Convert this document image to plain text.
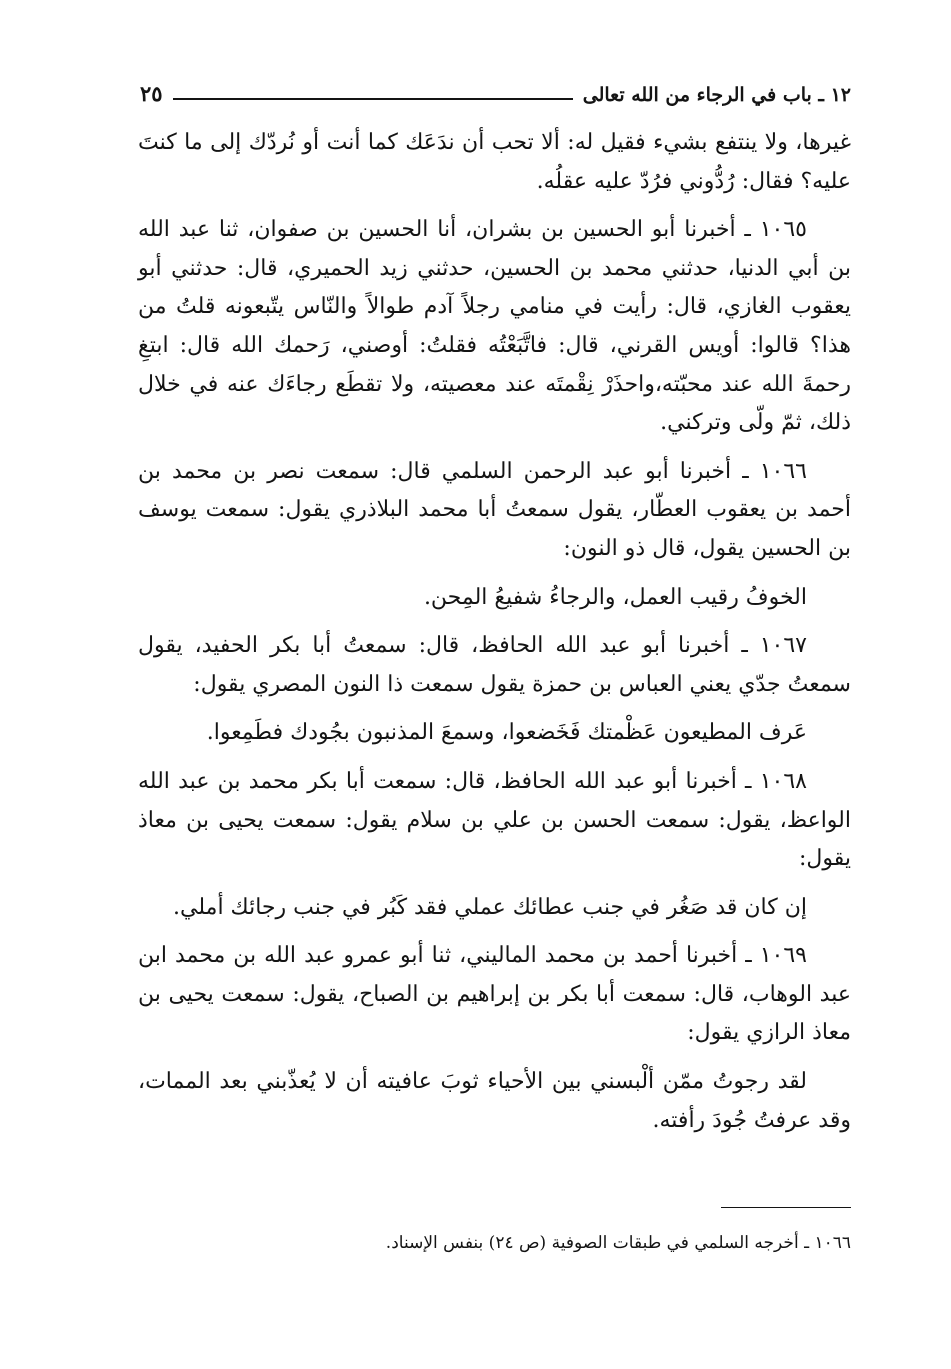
١٢ ـ باب في الرجاء من الله تعالى
٢٥

غيرها، ولا ينتفع بشيء فقيل له: ألا تحب أن ندَعَك كما أنت أو نُردّك إلى ما كنتَ عليه؟ فقال: رُدُّوني فرُدّ عليه عقلُه.

١٠٦٥ ـ أخبرنا أبو الحسين بن بشران، أنا الحسين بن صفوان، ثنا عبد الله بن أبي الدنيا، حدثني محمد بن الحسين، حدثني زيد الحميري، قال: حدثني أبو يعقوب الغازي، قال: رأيت في منامي رجلاً آدم طوالاً والنّاس يتّبعونه قلتُ من هذا؟ قالوا: أويس القرني، قال: فاتَّبَعْتُه فقلتُ: أوصني، رَحمك الله قال: ابتغِ رحمةَ الله عند محبّته،واحذَرْ نِقْمتَه عند معصيته، ولا تقطَع رجاءَك عنه في خلال ذلك، ثمّ ولّى وتركني.

١٠٦٦ ـ أخبرنا أبو عبد الرحمن السلمي قال: سمعت نصر بن محمد بن أحمد بن يعقوب العطّار، يقول سمعتُ أبا محمد البلاذري يقول: سمعت يوسف بن الحسين يقول، قال ذو النون:

الخوفُ رقيب العمل، والرجاءُ شفيعُ المِحن.

١٠٦٧ ـ أخبرنا أبو عبد الله الحافظ، قال: سمعتُ أبا بكر الحفيد، يقول سمعتُ جدّي يعني العباس بن حمزة يقول سمعت ذا النون المصري يقول:

عَرف المطيعون عَظْمتك فَخَضعوا، وسمعَ المذنبون بجُودك فطَمِعوا.

١٠٦٨ ـ أخبرنا أبو عبد الله الحافظ، قال: سمعت أبا بكر محمد بن عبد الله الواعظ، يقول: سمعت الحسن بن علي بن سلام يقول: سمعت يحيى بن معاذ يقول:

إن كان قد صَغُر في جنب عطائك عملي فقد كَبُر في جنب رجائك أملي.

١٠٦٩ ـ أخبرنا أحمد بن محمد الماليني، ثنا أبو عمرو عبد الله بن محمد ابن عبد الوهاب، قال: سمعت أبا بكر بن إبراهيم بن الصباح، يقول: سمعت يحيى بن معاذ الرازي يقول:

لقد رجوتُ ممّن ألْبسني بين الأحياء ثوبَ عافيته أن لا يُعذّبني بعد الممات، وقد عرفتُ جُودَ رأفته.

١٠٦٦ ـ أخرجه السلمي في طبقات الصوفية (ص ٢٤) بنفس الإسناد.
